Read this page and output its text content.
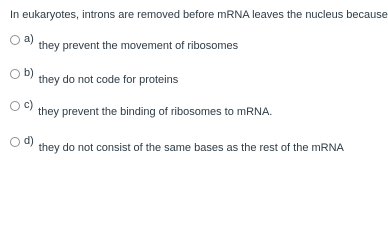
In eukaryotes, introns are removed before mRNA leaves the nucleus because
a)
they prevent the movement of ribosomes
b)
they do not code for proteins
c)
they prevent the binding of ribosomes to mRNA.
d)
they do not consist of the same bases as the rest of the mRNA
